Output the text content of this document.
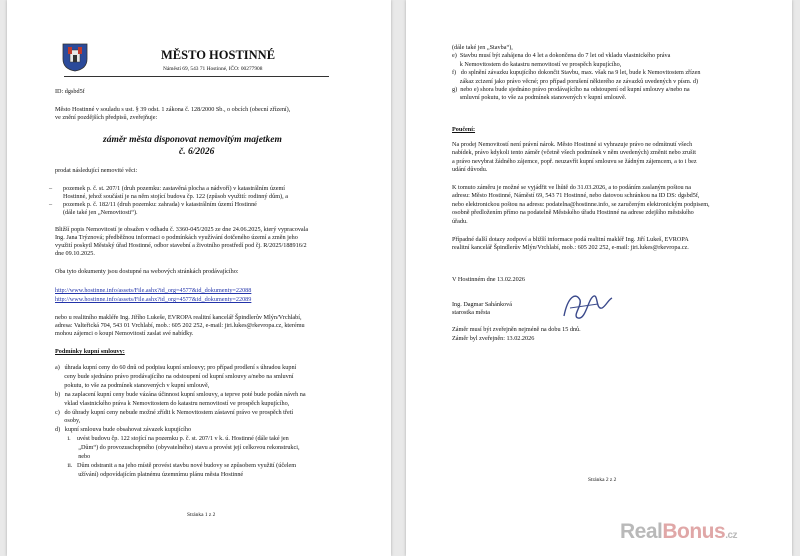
MĚSTO HOSTINNÉ
Náměstí 69, 543 71 Hostinné, IČO: 00277908
ID: dgsbd5f
Město Hostinné v souladu s ust. § 39 odst. 1 zákona č. 128/2000 Sb., o obcích (obecní zřízení),
ve znění pozdějších předpisů, zveřejňuje:
záměr města disponovat nemovitým majetkem
č. 6/2026
prodat následující nemovité věci:
– pozemek p. č. st. 207/1 (druh pozemku: zastavěná plocha a nádvoří) v katastrálním území
Hostinné, jehož součástí je na něm stojící budova čp. 122 (způsob využití: rodinný dům), a
– pozemek p. č. 182/11 (druh pozemku: zahrada) v katastrálním území Hostinné
(dále také jen „Nemovitosti“).
Bližší popis Nemovitostí je obsažen v odhadu č. 3360-045/2025 ze dne 24.06.2025, který vypracovala
Ing. Jana Trýznová; předběžnou informaci o podmínkách využívání dotčeného území a změn jeho
využití poskytl Městský úřad Hostinné, odbor stavební a životního prostředí pod čj. R/2025/188916/2
dne 09.10.2025.
Oba tyto dokumenty jsou dostupné na webových stránkách prodávajícího:
http://www.hostinne.info/assets/File.ashx?id_org=4577&id_dokumenty=22088
http://www.hostinne.info/assets/File.ashx?id_org=4577&id_dokumenty=22089
nebo u realitního makléře Ing. Jiřího Lukeše, EVROPA realitní kancelář Špindlerův Mlýn/Vrchlabí,
adresa: Valteřická 704, 543 01 Vrchlabí, mob.: 605 202 252, e-mail: jiri.lukes@rkevropa.cz, kterému
mohou zájemci o koupi Nemovitostí zaslat své nabídky.
Podmínky kupní smlouvy:
a)   úhrada kupní ceny do 60 dnů od podpisu kupní smlouvy; pro případ prodlení s úhradou kupní
ceny bude sjednáno právo prodávajícího na odstoupení od kupní smlouvy a/nebo na smluvní
pokutu, to vše za podmínek stanovených v kupní smlouvě,
b)   na zaplacení kupní ceny bude vázána účinnost kupní smlouvy, a teprve poté bude podán návrh na
vklad vlastnického práva k Nemovitostem do katastru nemovitostí ve prospěch kupujícího,
c)   do úhrady kupní ceny nebude možné zřídit k Nemovitostem zástavní právo ve prospěch třetí
osoby,
d)   kupní smlouva bude obsahovat závazek kupujícího
i.    uvést budovu čp. 122 stojící na pozemku p. č. st. 207/1 v k. ú. Hostinné (dále také jen
„Dům“) do provozuschopného (obyvatelného) stavu a provést její celkovou rekonstrukci,
nebo
ii.   Dům odstranit a na jeho místě provést stavbu nové budovy se způsobem využití (účelem
užívání) odpovídajícím platnému územnímu plánu města Hostinné
Stránka 1 z 2
(dále také jen „Stavba“),
e)  Stavbu musí být zahájena do 4 let a dokončena do 7 let od vkladu vlastnického práva
k Nemovitostem do katastru nemovitostí ve prospěch kupujícího,
f)   do splnění závazku kupujícího dokončit Stavbu, max. však na 9 let, bude k Nemovitostem zřízen
zákaz zcizení jako právo věcné; pro případ porušení některého ze závazků uvedených v písm. d)
g)  nebo e) shora bude sjednáno právo prodávajícího na odstoupení od kupní smlouvy a/nebo na
smluvní pokutu, to vše za podmínek stanovených v kupní smlouvě.
Poučení:
Na prodej Nemovitostí není právní nárok. Město Hostinné si vyhrazuje právo ne odmítnutí všech
nabídek, právo kdykoli tento záměr (včetně všech podmínek v něm uvedených) změnit nebo zrušit
a právo nevybrat žádného zájemce, popř. neuzavřít kupní smlouvu se žádným zájemcem, a to i bez
udání důvodu.
K tomuto záměru je možné se vyjádřit ve lhůtě do 31.03.2026, a to podáním zaslaným poštou na
adresu: Město Hostinné, Náměstí 69, 543 71 Hostinné, nebo datovou schránkou na ID DS: dgsbd5f,
nebo elektronickou poštou na adresu: podatelna@hostinne.info, se zaručeným elektronickým podpisem,
osobně předložením přímo na podatelně Městského úřadu Hostinné na adrese zdejšího městského
úřadu.
Případné další dotazy zodpoví a bližší informace podá realitní makléř Ing. Jiří Lukeš, EVROPA
realitní kancelář Špindlerův Mlýn/Vrchlabí, mob.: 605 202 252, e-mail: jiri.lukes@rkevropa.cz.
V Hostinném dne 13.02.2026
Ing. Dagmar Sahánková
starostka města
Záměr musí být zveřejněn nejméně na dobu 15 dnů.
Záměr byl zveřejněn: 13.02.2026
Stránka 2 z 2
RealBonus.cz
